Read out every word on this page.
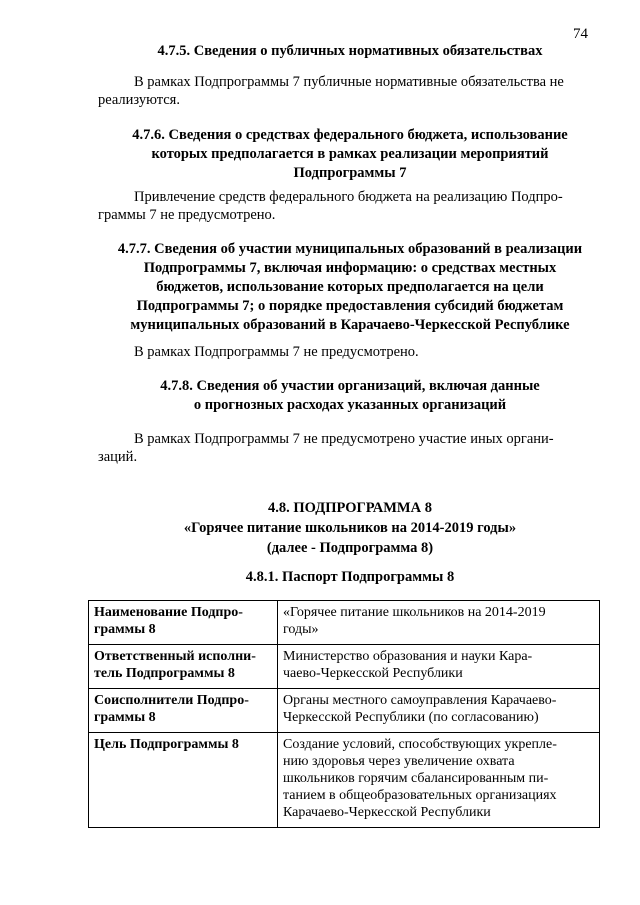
74
4.7.5. Сведения о публичных нормативных обязательствах
В рамках Подпрограммы 7 публичные нормативные обязательства не
реализуются.
4.7.6. Сведения о средствах федерального бюджета, использование
которых предполагается в рамках реализации мероприятий
Подпрограммы 7
Привлечение средств федерального бюджета на реализацию Подпро-
граммы 7 не предусмотрено.
4.7.7. Сведения об участии муниципальных образований в реализации
Подпрограммы 7, включая информацию: о средствах местных
бюджетов, использование которых предполагается на цели
Подпрограммы 7; о порядке предоставления субсидий бюджетам
муниципальных образований в Карачаево-Черкесской Республике
В рамках Подпрограммы 7 не предусмотрено.
4.7.8. Сведения об участии организаций, включая данные
о прогнозных расходах указанных организаций
В рамках Подпрограммы 7 не предусмотрено участие иных органи-
заций.
4.8. ПОДПРОГРАММА 8
«Горячее питание школьников на 2014-2019 годы»
(далее - Подпрограмма 8)
4.8.1. Паспорт Подпрограммы 8
Наименование Подпро-
граммы 8	«Горячее питание школьников на 2014-2019
годы»

Ответственный исполни-
тель Подпрограммы 8	Министерство образования и науки Кара-
чаево-Черкесской Республики

Соисполнители Подпро-
граммы 8	Органы местного самоуправления Карачаево-
Черкесской Республики (по согласованию)

Цель Подпрограммы 8	Создание условий, способствующих укрепле-
нию здоровья через увеличение охвата
школьников горячим сбалансированным пи-
танием в общеобразовательных организациях
Карачаево-Черкесской Республики
